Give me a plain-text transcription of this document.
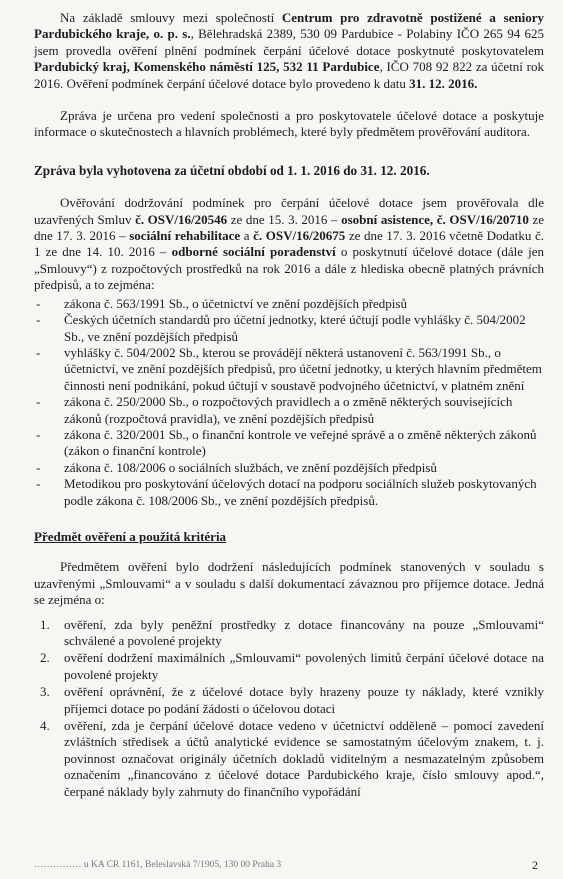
Na základě smlouvy mezi společností Centrum pro zdravotně postižené a seniory Pardubického kraje, o. p. s., Bělehradská 2389, 530 09 Pardubice - Polabiny IČO 265 94 625 jsem provedla ověření plnění podmínek čerpání účelové dotace poskytnuté poskytovatelem Pardubický kraj, Komenského náměstí 125, 532 11 Pardubice, IČO 708 92 822 za účetní rok 2016. Ověření podmínek čerpání účelové dotace bylo provedeno k datu 31. 12. 2016.

Zpráva je určena pro vedení společnosti a pro poskytovatele účelové dotace a poskytuje informace o skutečnostech a hlavních problémech, které byly předmětem prověřování auditora.

Zpráva byla vyhotovena za účetní období od 1. 1. 2016 do 31. 12. 2016.

Ověřování dodržování podmínek pro čerpání účelové dotace jsem prověřovala dle uzavřených Smluv č. OSV/16/20546 ze dne 15. 3. 2016 – osobní asistence, č. OSV/16/20710 ze dne 17. 3. 2016 – sociální rehabilitace a č. OSV/16/20675 ze dne 17. 3. 2016 včetně Dodatku č. 1 ze dne 14. 10. 2016 – odborné sociální poradenství o poskytnutí účelové dotace (dále jen „Smlouvy“) z rozpočtových prostředků na rok 2016 a dále z hlediska obecně platných právních předpisů, a to zejména:

- zákona č. 563/1991 Sb., o účetnictví ve znění pozdějších předpisů
- Českých účetních standardů pro účetní jednotky, které účtují podle vyhlášky č. 504/2002 Sb., ve znění pozdějších předpisů
- vyhlášky č. 504/2002 Sb., kterou se provádějí některá ustanovení č. 563/1991 Sb., o účetnictví, ve znění pozdějších předpisů, pro účetní jednotky, u kterých hlavním předmětem činnosti není podnikání, pokud účtují v soustavě podvojného účetnictví, v platném znění
- zákona č. 250/2000 Sb., o rozpočtových pravidlech a o změně některých souvisejících zákonů (rozpočtová pravidla), ve znění pozdějších předpisů
- zákona č. 320/2001 Sb., o finanční kontrole ve veřejné správě a o změně některých zákonů (zákon o finanční kontrole)
- zákona č. 108/2006 o sociálních službách, ve znění pozdějších předpisů
- Metodikou pro poskytování účelových dotací na podporu sociálních služeb poskytovaných podle zákona č. 108/2006 Sb., ve znění pozdějších předpisů.

Předmět ověření a použitá kritéria

Předmětem ověření bylo dodržení následujících podmínek stanovených v souladu s uzavřenými „Smlouvami“ a v souladu s další dokumentací závaznou pro příjemce dotace. Jedná se zejména o:

1. ověření, zda byly peněžní prostředky z dotace financovány na pouze „Smlouvami“ schválené a povolené projekty
2. ověření dodržení maximálních „Smlouvami“ povolených limitů čerpání účelové dotace na povolené projekty
3. ověření oprávnění, že z účelové dotace byly hrazeny pouze ty náklady, které vznikly příjemci dotace po podání žádosti o účelovou dotaci
4. ověření, zda je čerpání účelové dotace vedeno v účetnictví odděleně – pomocí zavedení zvláštních středisek a účtů analytické evidence se samostatným účelovým znakem, t. j. povinnost označovat originály účetních dokladů viditelným a nesmazatelným způsobem označením „financováno z účelové dotace Pardubického kraje, číslo smlouvy apod.“, čerpané náklady byly zahrnuty do finančního vypořádání
…………… u KA ČR 1161, Beleslavská 7/1905, 130 00 Praha 3	2
